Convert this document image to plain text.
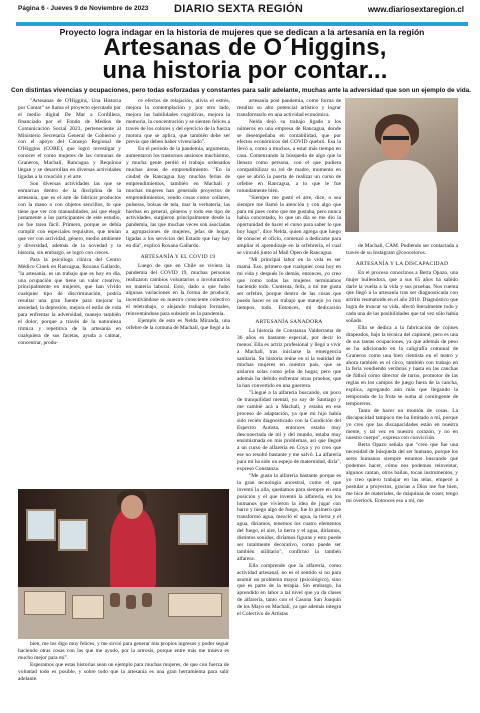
Página 6 - Jueves 9 de Noviembre de 2023 DIARIO SEXTA REGIÓN	www.diariosextaregion.cl
Proyecto logra indagar en la historia de mujeres que se dedican a la artesanía en la región
Artesanas de O´Higgins,
una historia por contar...
Con distintas vivencias y ocupaciones, pero todas esforzadas y constantes para salir adelante, muchas ante la adversidad que son un ejemplo de vida.

"Artesanas de O'Higgins, Una Historia por Contar" se llama el proyecto ejecutado por el medio digital De Mar a Cordillera, financiado por el Fondo de Medios de Comunicación Social 2023, perteneciente al Ministerio Secretaría General de Gobierno y con el apoyo del Consejo Regional de O'Higgins (CORE), que logró investigar y conocer el como mujeres de las comunas de Graneros, Machalí, Rancagua y Requínoa llegan y se desarrollan en diversas actividades ligadas a la creación y el arte.

Son diversas actividades las que se enmarcan dentro de la disciplina de la artesanía, que es el arte de fabricar productos con la mano o con objetos sencillos, lo que tiene que ver con manualidades, así que elegir justamente a las participantes de este estudio, no fue tarea fácil. Primero, porque se debía cumplir con especiales requisitos, que tenían que ver con actividad, género, medio ambiente y diversidad, además de la novedad y la historia, sin embargo, se logró con creces.

Para la psicóloga clínica del Centro Médico Cinek en Rancagua, Roxana Gallardo, "la artesanía, es un trabajo que es hoy en día, una ocupación que tiene un valor creativo, principalmente en mujeres, que han vivido cualquier tipo de discriminación, podría resultar una gran fuente para mejorar la ansiedad, la depresión, mejora el estilo de vida para enfrentar la adversidad, manejo también el dolor, porque a través de la naturaleza rítmica y repetitiva de la artesanía en cualquiera de sus facetas, ayuda a calmar, concentrar, produ-

ce efectos de relajación, alivia el estrés, mejora la contemplación y por otro lado, mejora las habilidades cognitivas, mejora la memoria, la concentración y se sienten felices a través de los colores y del ejercicio de la fuerza motora que se aplica, que también debe ser previa que deben haber vivenciado".

En el período de la pandemia, argumenta, aumentaron los trastornos ansiosos muchísimo, y mucha gente perdió el trabajo ordenados muchas áreas de emprendimiento. "En la ciudad de Rancagua hay muchas ferias de emprendimientos, también en Machalí y muchas mujeres han generado proyectos de emprendimientos, vendo cosas como collares, pulseras, bolsas de tela, mar la verbatería, las hierbas en general, géneros y todo ese tipo de actividades, surgieron principalmente desde la pandemia, las que muchas veces son asociadas a agrupaciones de mujeres, jefas de hogar, ligadas a los servicios del Estado que hay hoy en día", explicó Roxana Gallardo.

ARTESANÍA Y EL COVID 19

Luego de que en Chile se viviera la pandemia del COVID 19, muchas personas realizaron cambios voluntarios o involuntarios en materia laboral. Esto, dado a que hubo algunas variaciones en la forma de producir, incentivándose en nuestro consciente colectivo el teletrabajo, o alejando trabajos formales, reinventándose para subsistir en la pandemia.

Ejemplo de esto es Nelda Miranda, una orfebre de la comuna de Machalí, que llegó a la

artesanía post pandemia, como forma de resultar su alto potencial artístico y lograr transformarlo en una actividad económica.

Nelda dejó su trabajo ligado a los números en una empresa de Rancagua, donde se desempeñaba en contabilidad, que por efectos económicos del COVID quebró. Esa la llevó a, como a muchos, a estar más tiempo en casa. Comenzando la búsqueda de algo que la llenara como persona, con el que pudiera compatibilizar su rol de madre, momento en que se abrió la puerta de realizar un curso de orfebre en Rancagua, a lo que le fue rotundamente bien.

"Siempre me gustó el arte, dice, o sea siempre me llamó la atención y con algo que para mí pues como que me gustaba, pero nunca había concretado, lo que un día se me dio la oportunidad de hacer el curso para saber lo que hoy hago", dice Nelda, quien agrega que luego de conocer el oficio, comenzó a dedicarse para ampliar el aprendizaje en la orfebrería, el cual se vinculó junto al Mall Open de Rancagua.

"Mi principal labor en la vida es ser mamá. Eso, primero que cualquier cosa hoy en mi vida y después lo demás, entonces, yo creo que como todas las mujeres terminamos haciendo todo. Contenta, feliz, a mí me gusta ser orfebre, porque dentro de las cosas que puedo hacer es un trabajo que manejo yo mis tiempos, todo. Entonces, mi dedicación

ARTESANÍA SANADORA

La historia de Constanza Valderrama de 36 años es bastante especial, por decir lo menos. Ella es actriz profesional y llegó a vivir a Machalí, tras iniciarse la emergencia sanitaria. Su historia reúne en sí la realidad de muchas mujeres en nuestro país, que se aislaron solas como jefas de hogar, pero que además ha debido enfrentar otras pruebas, que la han convertido en una guerrera.

"Llegué a la alfarería buscando, un poco de tranquilidad mental, yo soy de Santiago y me cambié acá a Machalí, y estaba en ese proceso de adaptación, ya que mi hijo había sido recién diagnosticado con la Condición del Espectro Autista, entonces estaba muy desconectada de mí y del mundo, estaba muy ensimismada en mis problemas, así que llegué a un curso de alfarería en Coya y yo creo que ese no resultó bastante y me salvó. La alfarería para mí ha sido un espejo de maternidad, diría", expresó Constanza.

"Me gusta la alfarería bastante porque es la gran tecnología ancestral, como el que inventó la olla, quedamos para siempre en esta posición y el que inventó la alfarería, en los humanos que vivieron la idea de jugar con barro y luego algo de fuego, fue lo primero que transformó agua, mezcló el agua, la tierra y el agua, diríamos, tenemos los cuatro elementos del fuego, el aire, la tierra y el agua, diríamos, distintos sonidos, diríamos figuras y esto puede ser totalmente decorativo, como puede ser también utilitario", confirmó la tambén alfarera.

Ella comprende que la alfarería, como actividad artesanal, no es el sentido si no para asumir un problema mayor (psicológico), sino que es parte de la terapia. Sin embargo, ha aprendido en labor a tal nivel que ya da clases de alfarería, tanto con el Casona San Joaquín de los Mayo en Machalí, ya que además integra el Colectivo de Artistas

de Machalí, CAM. Pudiendo ser contactada a través de su Instagram @cooceloros.

ARTESANÍA Y LA DISCAPACIDAD

En el proceso conocimos a Berta Opazo, una mujer bullendora, que a sus 65 años ha sabido darle la vuelta a la vida y sus pruebas. Nos cuenta que llegó a la artesanía tras ser diagnosticada con artritis reumatoide en el año 2010. Diagnóstico que logra de truncar su vida, afectó literalmente todo y cada una de las posibilidades que tal vez sólo había soñado.

Ella se dedica a la fabricación de cojines drapeados, bajo la técnica del capitoné, pero es una de sus tantas ocupaciones, ya que además de peso se ha adicionado en la caligrafía comunal de Graneros como una bien cientista en el teatro y ahora también es el circo, también con trabajo en la feria vendiendo verduras y hasta en las canchas de fútbol como director de turno, promotor de las reglas en los campos de juego fuera de la cancha, explica, agregando aún más que llegando la temporada de la fruta se suma al contingente de temporeros.

Tanto de hacer un montón de cosas. La discapacidad tampoco me ha limitado a mí, porque yo creo que las discapacidades están en nuestra mente, y tal vez en nuestro corazón, y no en nuestro cuerpo", expresa con convicción.

Berta Opazo señala que "creo que fue una necesidad de búsqueda del ser humano, porque los seres humanos siempre estamos buscando qué podemos hacer, cómo nos podemos reinventar, algunos cantan, otros bailan, tocan instrumentos, y yo creo quiero trabajar en las telas, empecé a postular a proyectos, gracias a Dios me fue bien, me hice de materiales, de máquinas de coser, tengo mi overlock. Entonces eso a mí, me

bien, me los digo muy felices, y me sirvió para generar mis propios ingresos y poder seguir haciendo otras cosas con las que me ayudo, por la artrosis, porque entre más me mueva es mucho mejor para mí".

Esperamos que estas historias sean un ejemplo para muchas mujeres, de que con fuerza de voluntad todo es posible, y sobre todo que la artesanía es una gran herramienta para salir adelante.
